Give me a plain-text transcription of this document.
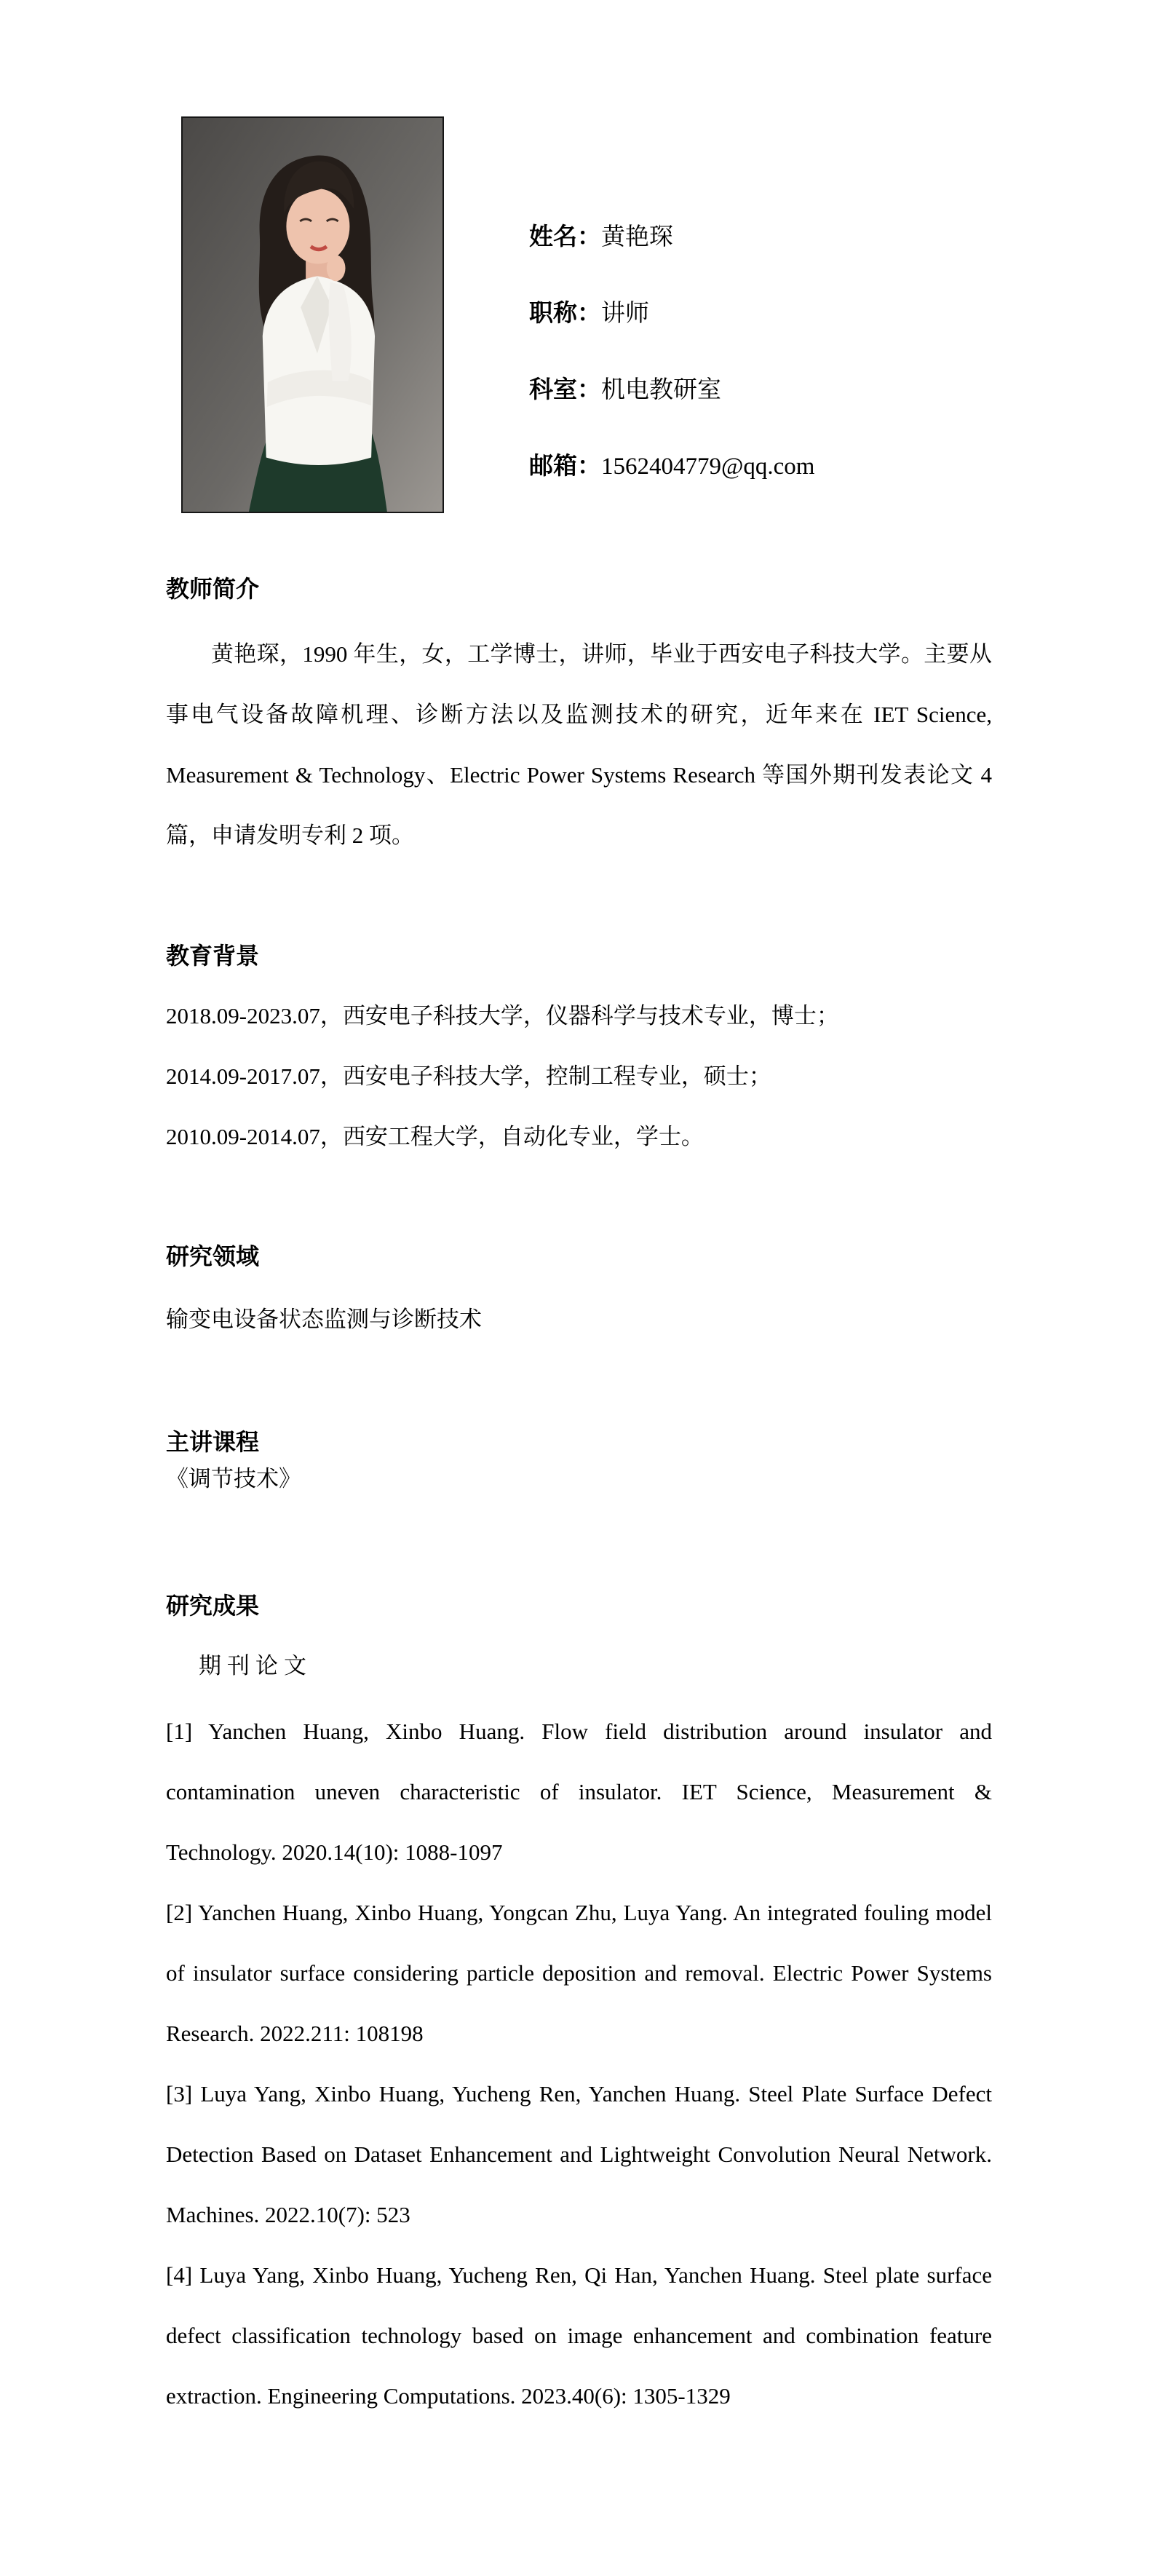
姓名：黄艳琛
职称：讲师
科室：机电教研室
邮箱：1562404779@qq.com
教师简介
黄艳琛，1990 年生，女，工学博士，讲师，毕业于西安电子科技大学。主要从事电气设备故障机理、诊断方法以及监测技术的研究，近年来在 IET Science, Measurement & Technology、Electric Power Systems Research 等国外期刊发表论文 4 篇，申请发明专利 2 项。
教育背景
2018.09-2023.07，西安电子科技大学，仪器科学与技术专业，博士；
2014.09-2017.07，西安电子科技大学，控制工程专业，硕士；
2010.09-2014.07，西安工程大学，自动化专业，学士。
研究领域
输变电设备状态监测与诊断技术
主讲课程
《调节技术》
研究成果
期刊论文

[1] Yanchen Huang, Xinbo Huang. Flow field distribution around insulator and contamination uneven characteristic of insulator. IET Science, Measurement & Technology. 2020.14(10): 1088-1097

[2] Yanchen Huang, Xinbo Huang, Yongcan Zhu, Luya Yang. An integrated fouling model of insulator surface considering particle deposition and removal. Electric Power Systems Research. 2022.211: 108198

[3] Luya Yang, Xinbo Huang, Yucheng Ren, Yanchen Huang. Steel Plate Surface Defect Detection Based on Dataset Enhancement and Lightweight Convolution Neural Network. Machines. 2022.10(7): 523

[4] Luya Yang, Xinbo Huang, Yucheng Ren, Qi Han, Yanchen Huang. Steel plate surface defect classification technology based on image enhancement and combination feature extraction. Engineering Computations. 2023.40(6): 1305-1329
